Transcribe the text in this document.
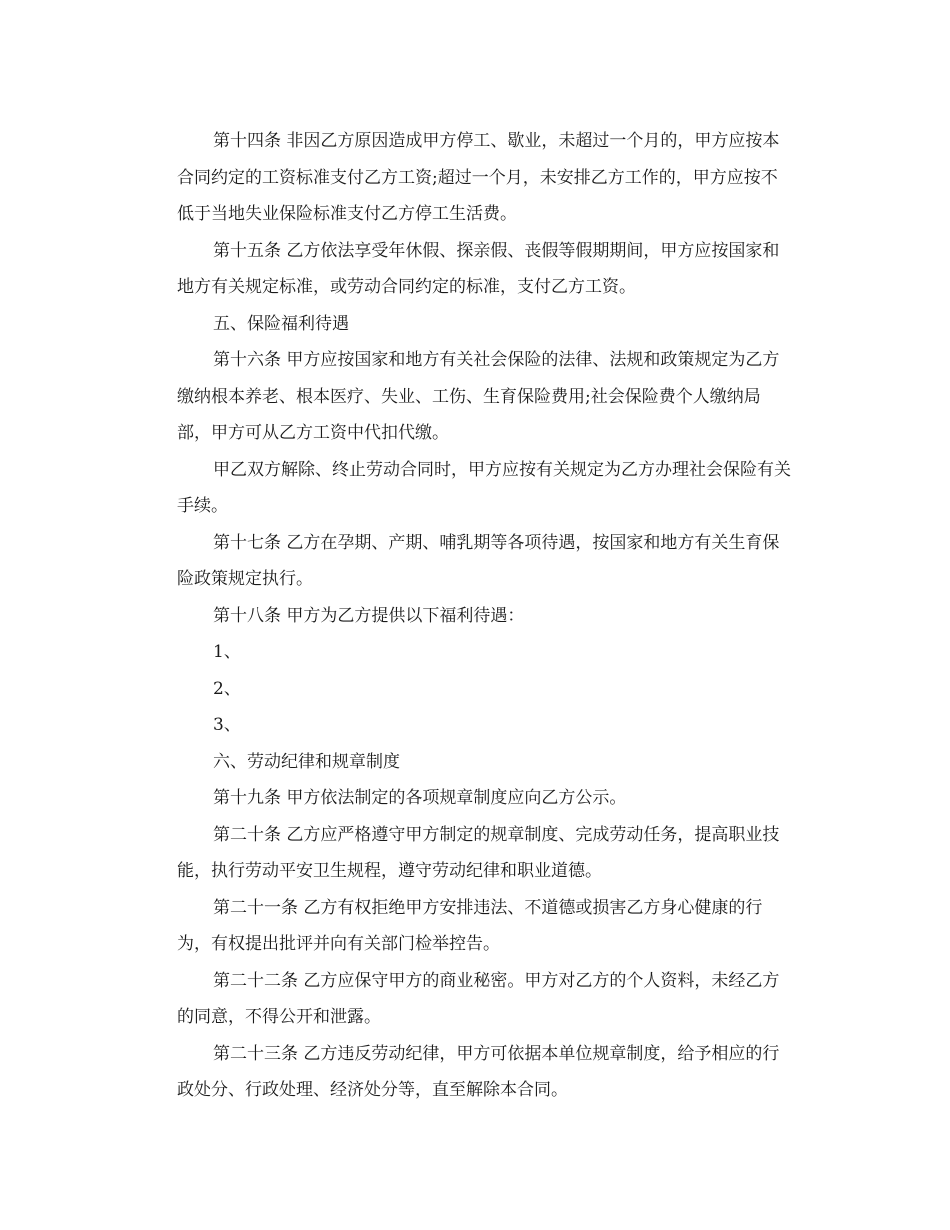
第十四条 非因乙方原因造成甲方停工、歇业，未超过一个月的，甲方应按本
合同约定的工资标准支付乙方工资;超过一个月，未安排乙方工作的，甲方应按不
低于当地失业保险标准支付乙方停工生活费。
第十五条 乙方依法享受年休假、探亲假、丧假等假期期间，甲方应按国家和
地方有关规定标准，或劳动合同约定的标准，支付乙方工资。
五、保险福利待遇
第十六条 甲方应按国家和地方有关社会保险的法律、法规和政策规定为乙方
缴纳根本养老、根本医疗、失业、工伤、生育保险费用;社会保险费个人缴纳局
部，甲方可从乙方工资中代扣代缴。
甲乙双方解除、终止劳动合同时，甲方应按有关规定为乙方办理社会保险有关
手续。
第十七条 乙方在孕期、产期、哺乳期等各项待遇，按国家和地方有关生育保
险政策规定执行。
第十八条 甲方为乙方提供以下福利待遇：
1、
2、
3、
六、劳动纪律和规章制度
第十九条 甲方依法制定的各项规章制度应向乙方公示。
第二十条 乙方应严格遵守甲方制定的规章制度、完成劳动任务，提高职业技
能，执行劳动平安卫生规程，遵守劳动纪律和职业道德。
第二十一条 乙方有权拒绝甲方安排违法、不道德或损害乙方身心健康的行
为，有权提出批评并向有关部门检举控告。
第二十二条 乙方应保守甲方的商业秘密。甲方对乙方的个人资料，未经乙方
的同意，不得公开和泄露。
第二十三条 乙方违反劳动纪律，甲方可依据本单位规章制度，给予相应的行
政处分、行政处理、经济处分等，直至解除本合同。
